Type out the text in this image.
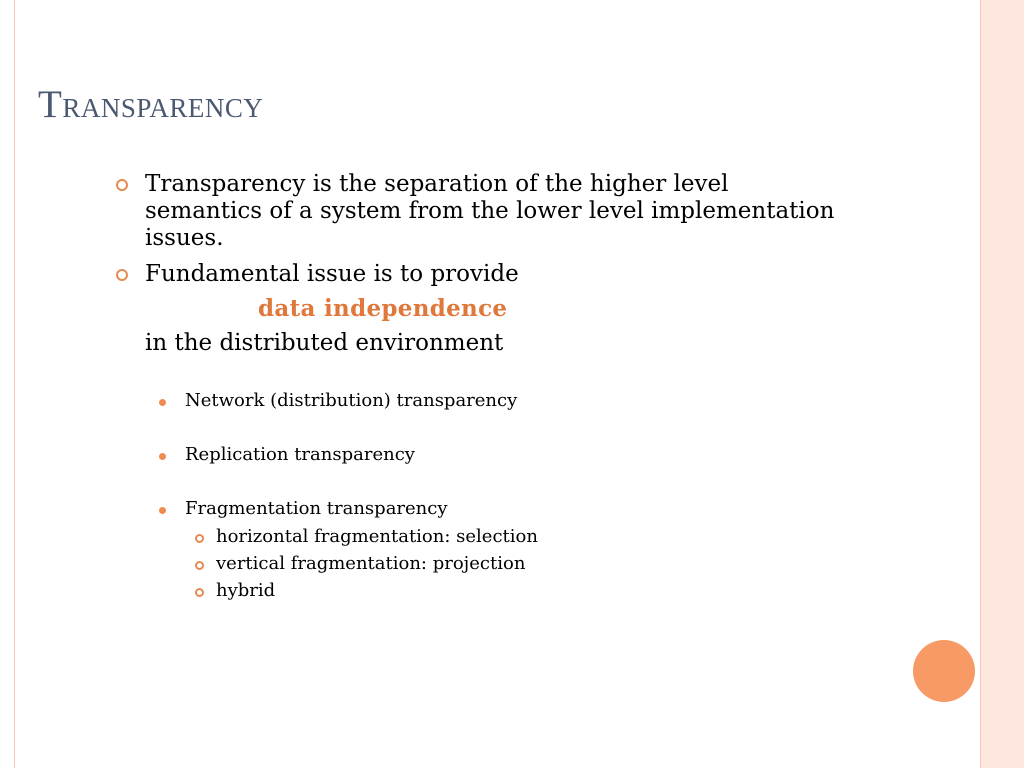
Transparency

Transparency is the separation of the higher level semantics of a system from the lower level implementation issues.

Fundamental issue is to provide

data independence

in the distributed environment

Network (distribution) transparency

Replication transparency

Fragmentation transparency

horizontal fragmentation: selection

vertical fragmentation: projection

hybrid
